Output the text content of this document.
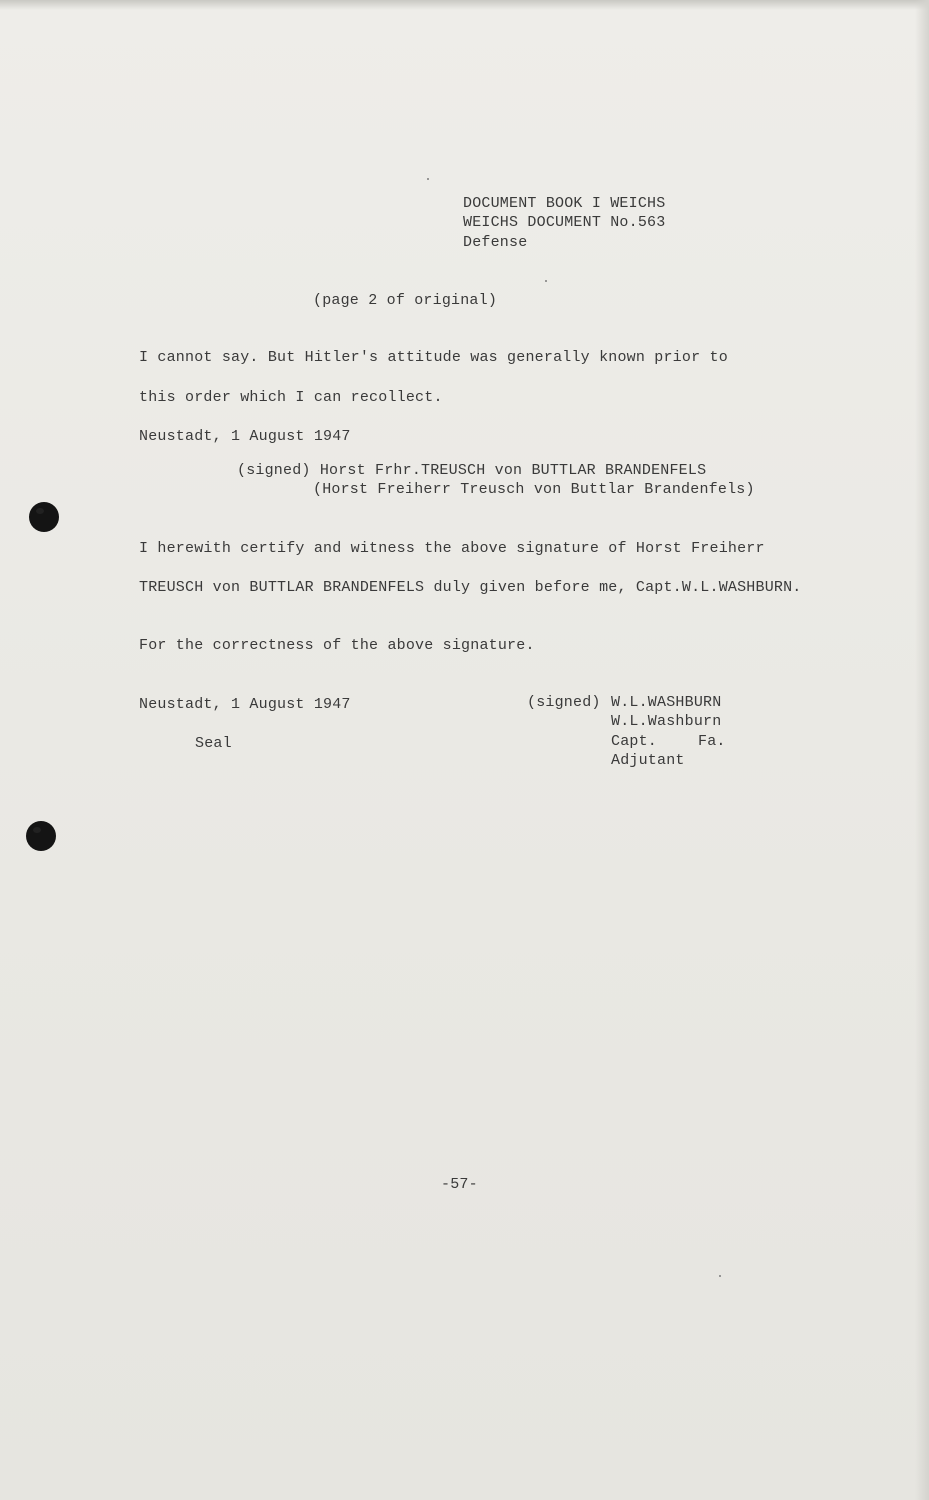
DOCUMENT BOOK I WEICHS
WEICHS DOCUMENT No.563
Defense
(page 2 of original)
I cannot say. But Hitler's attitude was generally known prior to
this order which I can recollect.
Neustadt, 1 August 1947
(signed) Horst Frhr.TREUSCH von BUTTLAR BRANDENFELS
(Horst Freiherr Treusch von Buttlar Brandenfels)
I herewith certify and witness the above signature of Horst Freiherr
TREUSCH von BUTTLAR BRANDENFELS duly given before me, Capt.W.L.WASHBURN.
For the correctness of the above signature.
Neustadt, 1 August 1947
Seal
(signed) W.L.WASHBURN
W.L.Washburn
Capt.	Fa.
Adjutant
-57-
